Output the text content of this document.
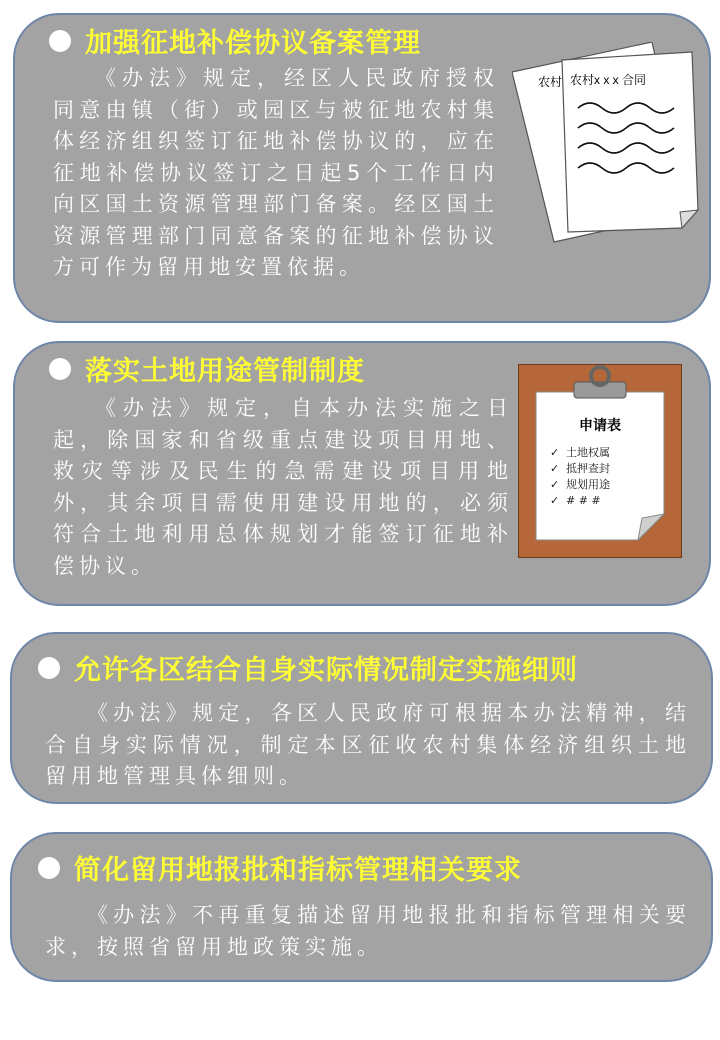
加强征地补偿协议备案管理
《办法》规定，经区人民政府授权同意由镇（街）或园区与被征地农村集体经济组织签订征地补偿协议的，应在征地补偿协议签订之日起5个工作日内向区国土资源管理部门备案。经区国土资源管理部门同意备案的征地补偿协议方可作为留用地安置依据。
农村 农村x x x 合同
落实土地用途管制制度
《办法》规定，自本办法实施之日起，除国家和省级重点建设项目用地、救灾等涉及民生的急需建设项目用地外，其余项目需使用建设用地的，必须符合土地利用总体规划才能签订征地补偿协议。
申请表
✓ 土地权属
✓ 抵押查封
✓ 规划用途
✓ # # #
允许各区结合自身实际情况制定实施细则
《办法》规定，各区人民政府可根据本办法精神，结合自身实际情况，制定本区征收农村集体经济组织土地留用地管理具体细则。
简化留用地报批和指标管理相关要求
《办法》不再重复描述留用地报批和指标管理相关要求，按照省留用地政策实施。
